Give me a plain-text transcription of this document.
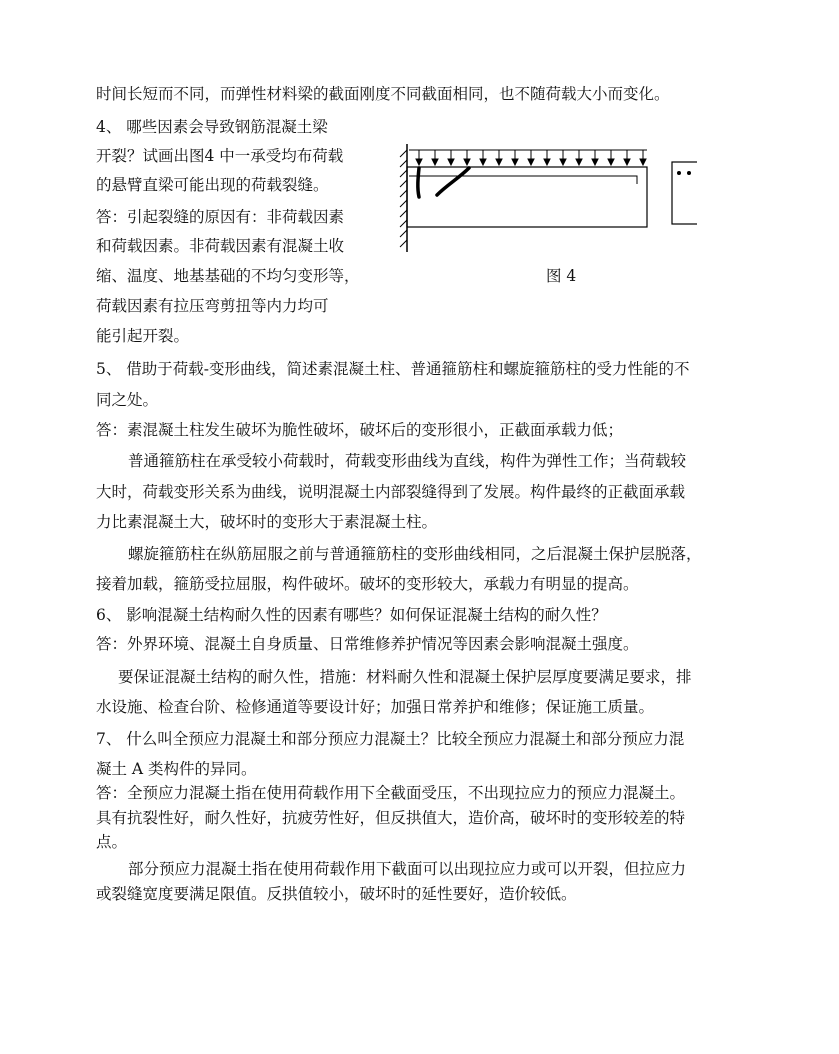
时间长短而不同，而弹性材料梁的截面刚度不同截面相同，也不随荷载大小而变化。
4、 哪些因素会导致钢筋混凝土梁
开裂？试画出图4 中一承受均布荷载
的悬臂直梁可能出现的荷载裂缝。
答：引起裂缝的原因有：非荷载因素
和荷载因素。非荷载因素有混凝土收
缩、温度、地基基础的不均匀变形等，
荷载因素有拉压弯剪扭等内力均可
能引起开裂。
5、 借助于荷载-变形曲线，简述素混凝土柱、普通箍筋柱和螺旋箍筋柱的受力性能的不
同之处。
答：素混凝土柱发生破坏为脆性破坏，破坏后的变形很小，正截面承载力低；
普通箍筋柱在承受较小荷载时，荷载变形曲线为直线，构件为弹性工作；当荷载较
大时，荷载变形关系为曲线，说明混凝土内部裂缝得到了发展。构件最终的正截面承载
力比素混凝土大，破坏时的变形大于素混凝土柱。
螺旋箍筋柱在纵筋屈服之前与普通箍筋柱的变形曲线相同，之后混凝土保护层脱落，
接着加载，箍筋受拉屈服，构件破坏。破坏的变形较大，承载力有明显的提高。
6、 影响混凝土结构耐久性的因素有哪些？如何保证混凝土结构的耐久性？
答：外界环境、混凝土自身质量、日常维修养护情况等因素会影响混凝土强度。
要保证混凝土结构的耐久性，措施：材料耐久性和混凝土保护层厚度要满足要求，排
水设施、检查台阶、检修通道等要设计好；加强日常养护和维修；保证施工质量。
7、 什么叫全预应力混凝土和部分预应力混凝土？比较全预应力混凝土和部分预应力混
凝土 A 类构件的异同。
答：全预应力混凝土指在使用荷载作用下全截面受压，不出现拉应力的预应力混凝土。
具有抗裂性好，耐久性好，抗疲劳性好，但反拱值大，造价高，破坏时的变形较差的特
点。
部分预应力混凝土指在使用荷载作用下截面可以出现拉应力或可以开裂，但拉应力
或裂缝宽度要满足限值。反拱值较小，破坏时的延性要好，造价较低。
图 4
